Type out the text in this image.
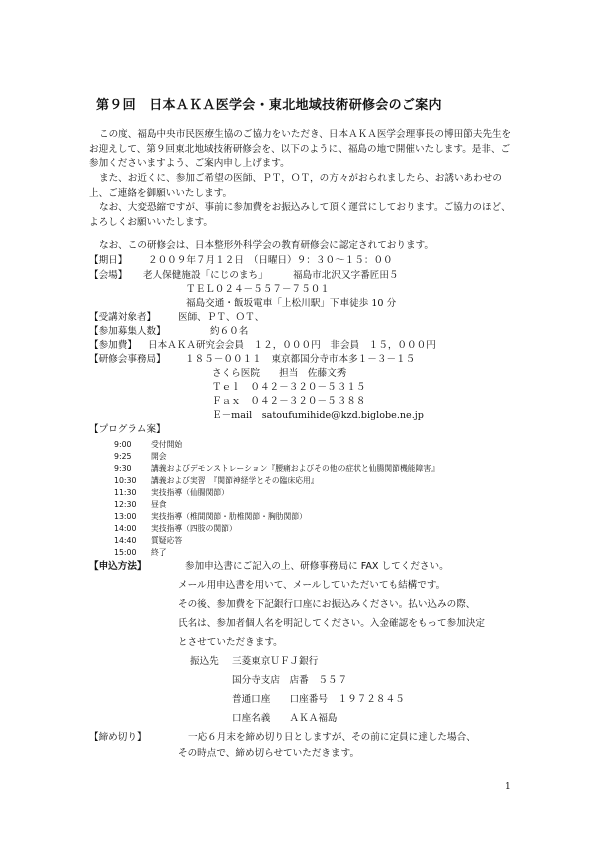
第９回　日本ＡＫＡ医学会・東北地域技術研修会のご案内
この度、福島中央市民医療生協のご協力をいただき、日本ＡＫＡ医学会理事長の博田節夫先生をお迎えして、第９回東北地域技術研修会を、以下のように、福島の地で開催いたします。是非、ご参加くださいますよう、ご案内申し上げます。
また、お近くに、参加ご希望の医師、ＰＴ，ＯＴ，の方々がおられましたら、お誘いあわせの上、ご連絡を御願いいたします。
なお、大変恐縮ですが、事前に参加費をお振込みして頂く運営にしております。ご協力のほど、よろしくお願いいたします。
なお、この研修会は、日本整形外科学会の教育研修会に認定されております。
【期日】 ２００９年７月１２日　（日曜日）９：３０～１５：００
【会場】 老人保健施設「にじのまち」	福島市北沢又字番匠田５
ＴＥＬ０２４－５５７－７５０１
福島交通・飯坂電車「上松川駅」下車徒歩 10 分
【受講対象者】 医師、ＰＴ、ＯＴ、
【参加募集人数】	約６０名
【参加費】 日本ＡＫＡ研究会会員　１２，０００円　非会員　１５，０００円
【研修会事務局】 １８５－００１１　東京都国分寺市本多１－３－１５
さくら医院　　担当　佐藤文秀
Ｔｅｌ　０４２－３２０－５３１５
Ｆａｘ　０４２－３２０－５３８８
Ｅ－mail　satoufumihide@kzd.biglobe.ne.jp
【プログラム案】
9:00 受付開始
9:25 開会
9:30 講義およびデモンストレーション『腰痛およびその他の症状と仙腸関節機能障害』
10:30 講義および実習　『関節神経学とその臨床応用』
11:30 実技指導（仙腸関節）
12:30 昼食
13:00 実技指導（椎間関節・肋椎関節・胸肋関節）
14:00 実技指導（四肢の関節）
14:40 質疑応答
15:00 終了
【申込方法】	参加申込書にご記入の上、研修事務局に FAX してください。
メール用申込書を用いて、メールしていただいても結構です。
その後、参加費を下記銀行口座にお振込みください。払い込みの際、
氏名は、参加者個人名を明記してください。入金確認をもって参加決定
とさせていただきます。
振込先 三菱東京ＵＦＪ銀行
国分寺支店　店番　５５７
普通口座　　口座番号　１９７２８４５
口座名義　　ＡＫＡ福島
【締め切り】	一応６月末を締め切り日としますが、その前に定員に達した場合、
その時点で、締め切らせていただきます。
1
